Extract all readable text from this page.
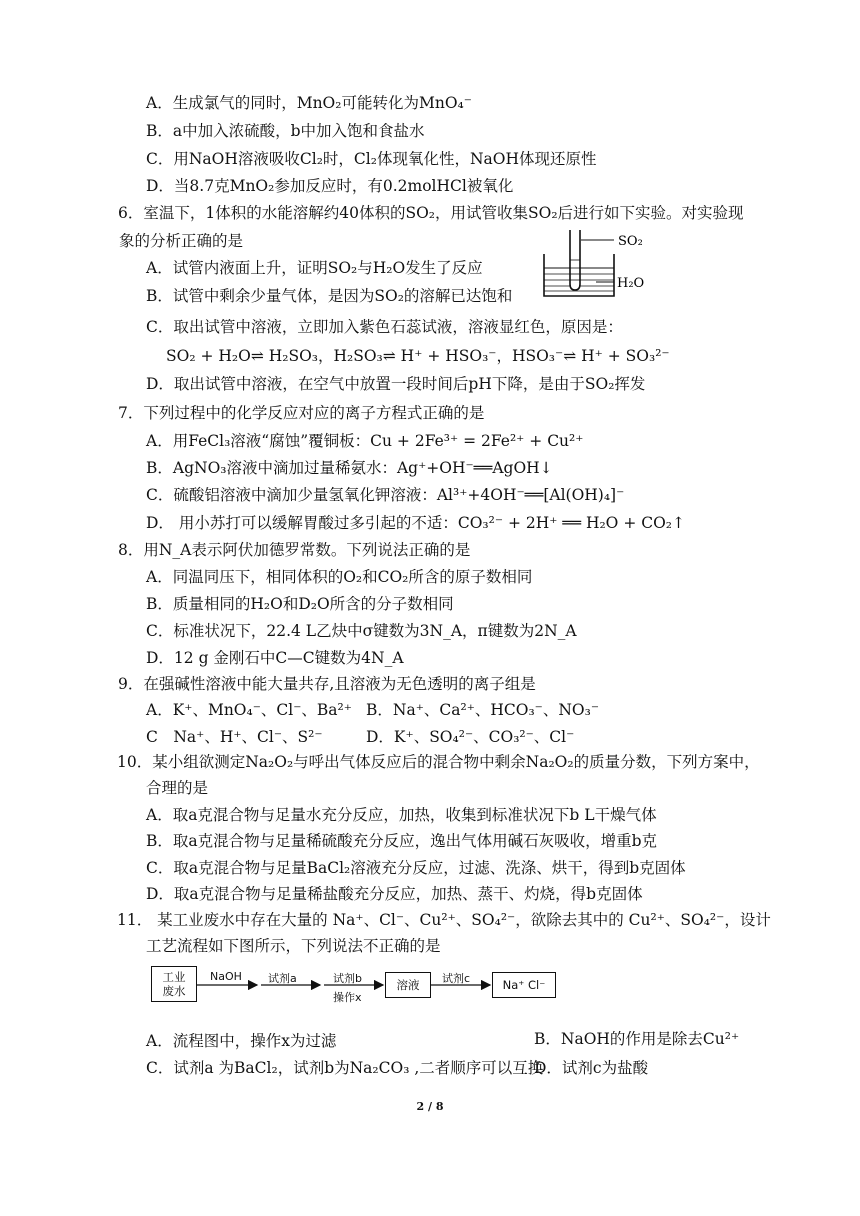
A．生成氯气的同时，MnO₂可能转化为MnO₄⁻
B．a中加入浓硫酸，b中加入饱和食盐水
C．用NaOH溶液吸收Cl₂时，Cl₂体现氧化性，NaOH体现还原性
D．当8.7克MnO₂参加反应时，有0.2molHCl被氧化
6．室温下，1体积的水能溶解约40体积的SO₂，用试管收集SO₂后进行如下实验。对实验现
象的分析正确的是
A．试管内液面上升，证明SO₂与H₂O发生了反应
B．试管中剩余少量气体，是因为SO₂的溶解已达饱和
C．取出试管中溶液，立即加入紫色石蕊试液，溶液显红色，原因是：
SO₂ + H₂O⇌ H₂SO₃，H₂SO₃⇌ H⁺ + HSO₃⁻，HSO₃⁻⇌ H⁺ + SO₃²⁻
D．取出试管中溶液，在空气中放置一段时间后pH下降，是由于SO₂挥发
SO₂
H₂O
7．下列过程中的化学反应对应的离子方程式正确的是
A．用FeCl₃溶液“腐蚀”覆铜板：Cu + 2Fe³⁺ = 2Fe²⁺ + Cu²⁺
B．AgNO₃溶液中滴加过量稀氨水：Ag⁺+OH⁻══AgOH↓
C．硫酸铝溶液中滴加少量氢氧化钾溶液：Al³⁺+4OH⁻══[Al(OH)₄]⁻
D． 用小苏打可以缓解胃酸过多引起的不适：CO₃²⁻ + 2H⁺ ══ H₂O + CO₂↑
8．用N_A表示阿伏加德罗常数。下列说法正确的是
A．同温同压下，相同体积的O₂和CO₂所含的原子数相同
B．质量相同的H₂O和D₂O所含的分子数相同
C．标准状况下，22.4 L乙炔中σ键数为3N_A，π键数为2N_A
D．12 g 金刚石中C—C键数为4N_A
9．在强碱性溶液中能大量共存,且溶液为无色透明的离子组是
A．K⁺、MnO₄⁻、Cl⁻、Ba²⁺ B．Na⁺、Ca²⁺、HCO₃⁻、NO₃⁻
C　Na⁺、H⁺、Cl⁻、S²⁻	D．K⁺、SO₄²⁻、CO₃²⁻、Cl⁻
10．某小组欲测定Na₂O₂与呼出气体反应后的混合物中剩余Na₂O₂的质量分数，下列方案中，
合理的是
A．取a克混合物与足量水充分反应，加热，收集到标准状况下b L干燥气体
B．取a克混合物与足量稀硫酸充分反应，逸出气体用碱石灰吸收，增重b克
C．取a克混合物与足量BaCl₂溶液充分反应，过滤、洗涤、烘干，得到b克固体
D．取a克混合物与足量稀盐酸充分反应，加热、蒸干、灼烧，得b克固体
11． 某工业废水中存在大量的 Na⁺、Cl⁻、Cu²⁺、SO₄²⁻，欲除去其中的 Cu²⁺、SO₄²⁻，设计
工艺流程如下图所示，下列说法不正确的是
工业
废水	溶液	Na⁺ Cl⁻
NaOH 试剂a	试剂b
操作x
试剂c
A．流程图中，操作x为过滤	B．NaOH的作用是除去Cu²⁺
C．试剂a 为BaCl₂，试剂b为Na₂CO₃ ,二者顺序可以互换
D．试剂c为盐酸
2 / 8
